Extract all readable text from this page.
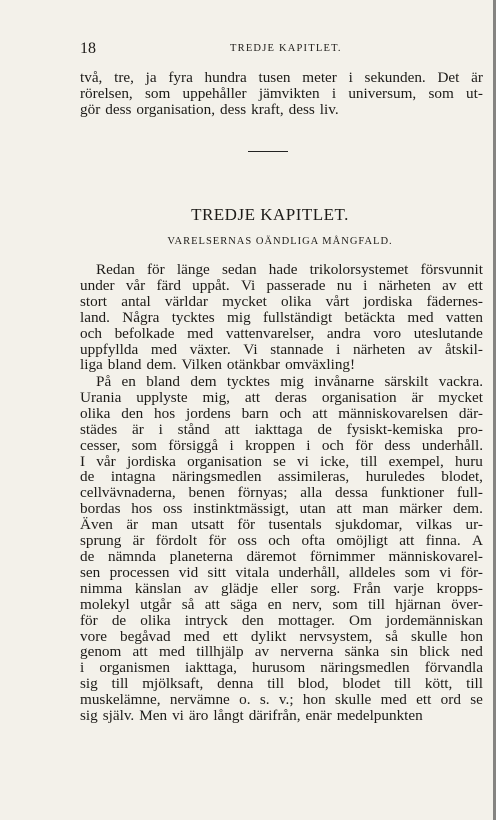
18	TREDJE KAPITLET.
två, tre, ja fyra hundra tusen meter i sekunden. Det är
rörelsen, som uppehåller jämvikten i universum, som ut-
gör dess organisation, dess kraft, dess liv.
TREDJE KAPITLET.
VARELSERNAS OÄNDLIGA MÅNGFALD.
Redan för länge sedan hade trikolorsystemet försvunnit
under vår färd uppåt. Vi passerade nu i närheten av ett
stort antal världar mycket olika vårt jordiska fädernes-
land. Några tycktes mig fullständigt betäckta med vatten
och befolkade med vattenvarelser, andra voro uteslutande
uppfyllda med växter. Vi stannade i närheten av åtskil-
liga bland dem. Vilken otänkbar omväxling!
På en bland dem tycktes mig invånarne särskilt vackra.
Urania upplyste mig, att deras organisation är mycket
olika den hos jordens barn och att människovarelsen där-
städes är i stånd att iakttaga de fysiskt-kemiska pro-
cesser, som försiggå i kroppen i och för dess underhåll.
I vår jordiska organisation se vi icke, till exempel, huru
de intagna näringsmedlen assimileras, huruledes blodet,
cellvävnaderna, benen förnyas; alla dessa funktioner full-
bordas hos oss instinktmässigt, utan att man märker dem.
Även är man utsatt för tusentals sjukdomar, vilkas ur-
sprung är fördolt för oss och ofta omöjligt att finna. A
de nämnda planeterna däremot förnimmer människovarel-
sen processen vid sitt vitala underhåll, alldeles som vi för-
nimma känslan av glädje eller sorg. Från varje kropps-
molekyl utgår så att säga en nerv, som till hjärnan över-
för de olika intryck den mottager. Om jordemänniskan
vore begåvad med ett dylikt nervsystem, så skulle hon
genom att med tillhjälp av nerverna sänka sin blick ned
i organismen iakttaga, hurusom näringsmedlen förvandla
sig till mjölksaft, denna till blod, blodet till kött, till
muskelämne, nervämne o. s. v.; hon skulle med ett ord se
sig själv. Men vi äro långt därifrån, enär medelpunkten
